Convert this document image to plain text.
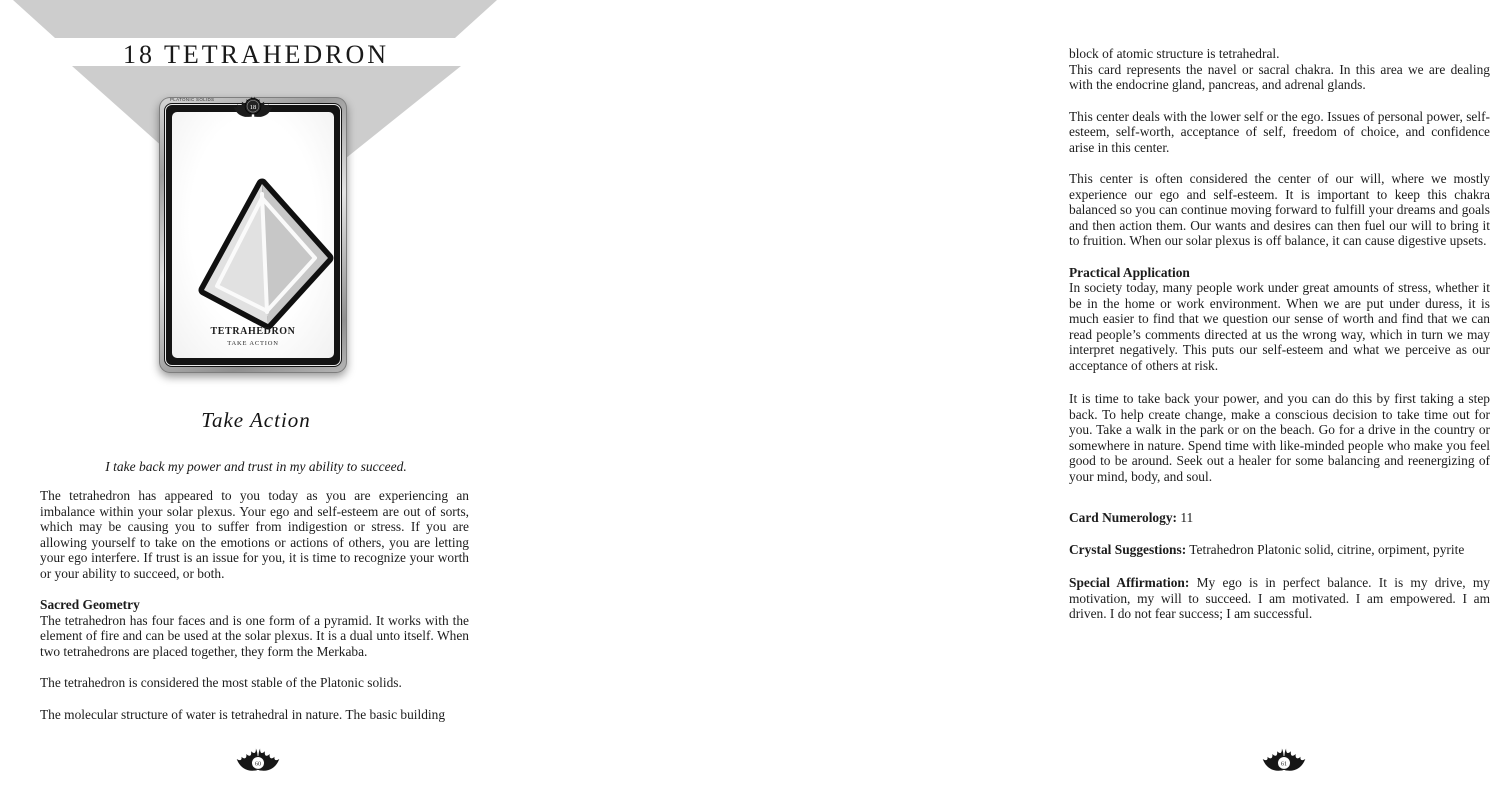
18 TETRAHEDRON
PLATONIC SOLIDS
TETRAHEDRON
TAKE ACTION
18
Take Action

I take back my power and trust in my ability to succeed.

The tetrahedron has appeared to you today as you are experiencing an imbalance within your solar plexus. Your ego and self-esteem are out of sorts, which may be causing you to suffer from indigestion or stress. If you are allowing yourself to take on the emotions or actions of others, you are letting your ego interfere. If trust is an issue for you, it is time to recognize your worth or your ability to succeed, or both.

Sacred Geometry

The tetrahedron has four faces and is one form of a pyramid. It works with the element of fire and can be used at the solar plexus. It is a dual unto itself. When two tetrahedrons are placed together, they form the Merkaba.

The tetrahedron is considered the most stable of the Platonic solids.

The molecular structure of water is tetrahedral in nature. The basic building

60

block of atomic structure is tetrahedral.

This card represents the navel or sacral chakra. In this area we are dealing with the endocrine gland, pancreas, and adrenal glands.

This center deals with the lower self or the ego. Issues of personal power, self-esteem, self-worth, acceptance of self, freedom of choice, and confidence arise in this center.

This center is often considered the center of our will, where we mostly experience our ego and self-esteem. It is important to keep this chakra balanced so you can continue moving forward to fulfill your dreams and goals and then action them. Our wants and desires can then fuel our will to bring it to fruition. When our solar plexus is off balance, it can cause digestive upsets.

Practical Application

In society today, many people work under great amounts of stress, whether it be in the home or work environment. When we are put under duress, it is much easier to find that we question our sense of worth and find that we can read people’s comments directed at us the wrong way, which in turn we may interpret negatively. This puts our self-esteem and what we perceive as our acceptance of others at risk.

It is time to take back your power, and you can do this by first taking a step back. To help create change, make a conscious decision to take time out for you. Take a walk in the park or on the beach. Go for a drive in the country or somewhere in nature. Spend time with like-minded people who make you feel good to be around. Seek out a healer for some balancing and reenergizing of your mind, body, and soul.

Card Numerology: 11

Crystal Suggestions: Tetrahedron Platonic solid, citrine, orpiment, pyrite

Special Affirmation: My ego is in perfect balance. It is my drive, my motivation, my will to succeed. I am motivated. I am empowered. I am driven. I do not fear success; I am successful.

61
